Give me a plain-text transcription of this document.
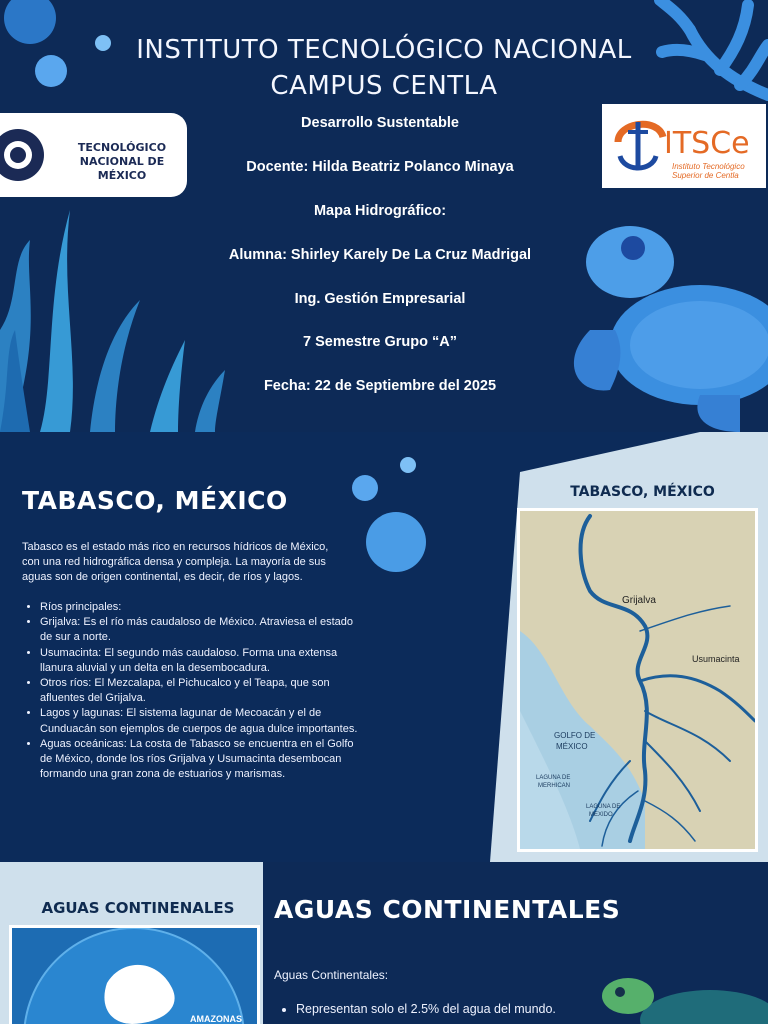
INSTITUTO TECNOLÓGICO NACIONAL
CAMPUS CENTLA
TECNOLÓGICO
NACIONAL DE MÉXICO
ITSCe
Instituto Tecnológico
Superior de Centla
Desarrollo Sustentable
Docente: Hilda Beatriz Polanco Minaya
Mapa Hidrográfico:
Alumna: Shirley Karely De La Cruz Madrigal
Ing. Gestión Empresarial
7 Semestre Grupo “A”
Fecha: 22 de Septiembre del 2025
TABASCO, MÉXICO
Tabasco es el estado más rico en recursos hídricos de México, con una red hidrográfica densa y compleja. La mayoría de sus aguas son de origen continental, es decir, de ríos y lagos.
• Ríos principales:
• Grijalva: Es el río más caudaloso de México. Atraviesa el estado de sur a norte.
• Usumacinta: El segundo más caudaloso. Forma una extensa llanura aluvial y un delta en la desembocadura.
• Otros ríos: El Mezcalapa, el Pichucalco y el Teapa, que son afluentes del Grijalva.
• Lagos y lagunas: El sistema lagunar de Mecoacán y el de Cunduacán son ejemplos de cuerpos de agua dulce importantes.
• Aguas oceánicas: La costa de Tabasco se encuentra en el Golfo de México, donde los ríos Grijalva y Usumacinta desembocan formando una gran zona de estuarios y marismas.
TABASCO, MÉXICO
Grijalva
Usumacinta
GOLFO DE
MÉXICO
LAGUNA DE
MERHICAN
LAGUNA DE
MEXIDO
AGUAS CONTINENALES
AMAZONAS
AGUAS CONTINENTALES
Aguas Continentales:
• Representan solo el 2.5% del agua del mundo.
